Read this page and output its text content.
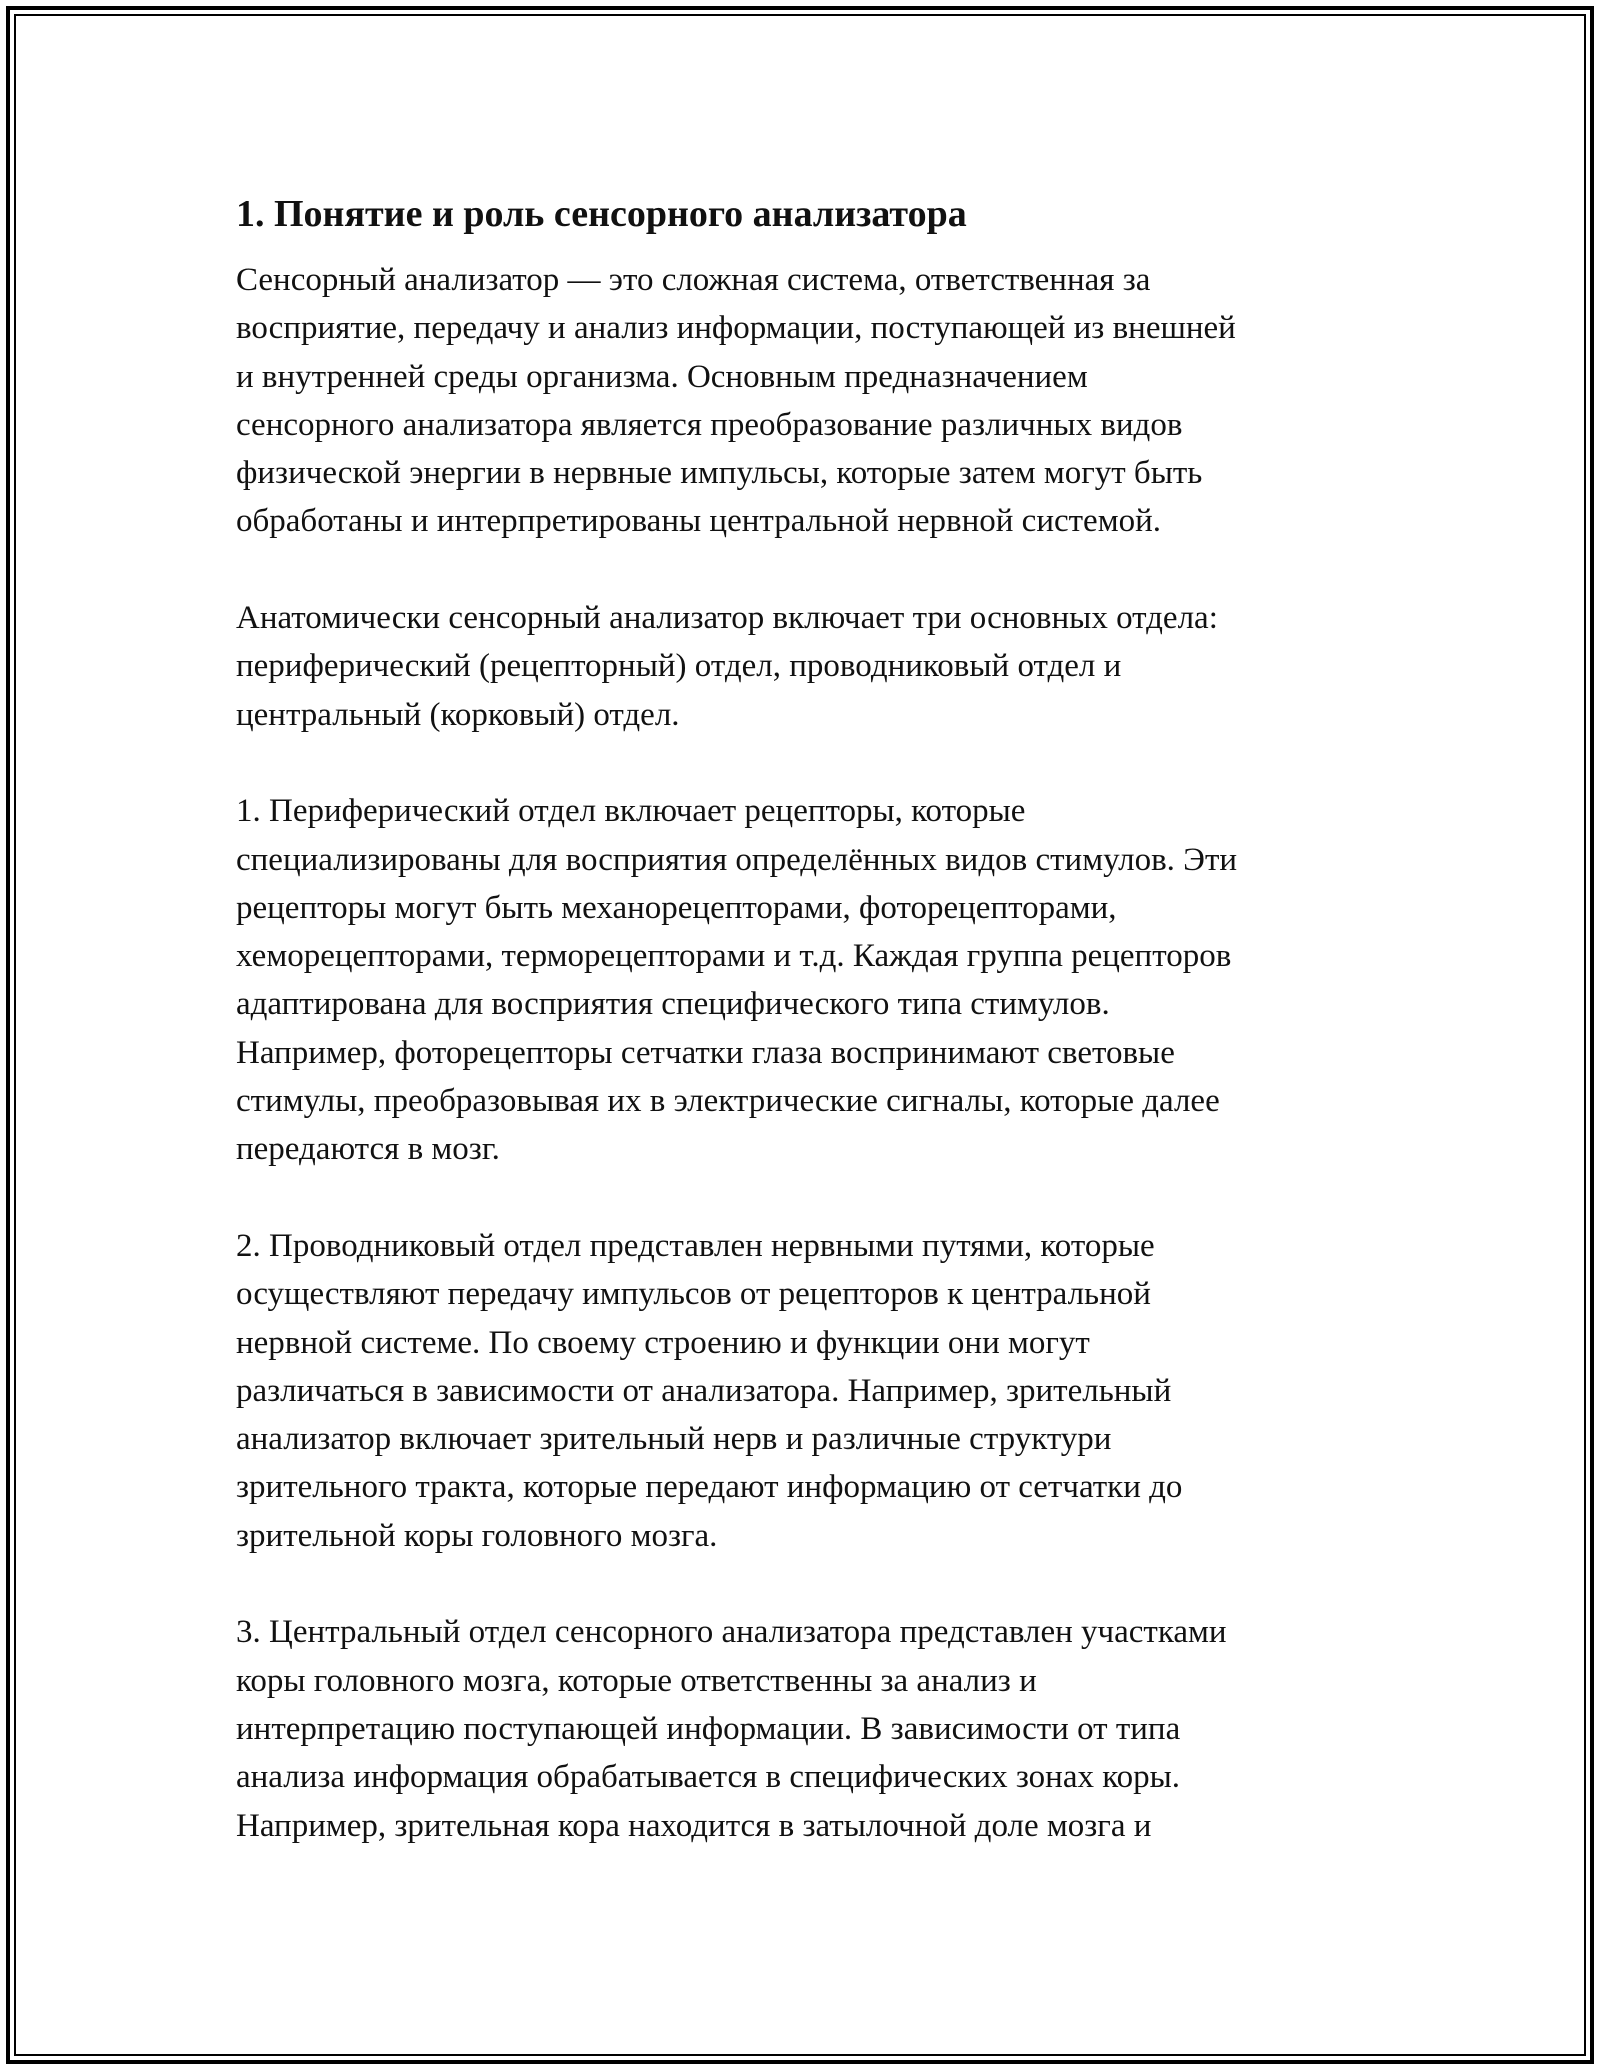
1. Понятие и роль сенсорного анализатора
Сенсорный анализатор — это сложная система, ответственная за
восприятие, передачу и анализ информации, поступающей из внешней
и внутренней среды организма. Основным предназначением
сенсорного анализатора является преобразование различных видов
физической энергии в нервные импульсы, которые затем могут быть
обработаны и интерпретированы центральной нервной системой.
Анатомически сенсорный анализатор включает три основных отдела:
периферический (рецепторный) отдел, проводниковый отдел и
центральный (корковый) отдел.
1. Периферический отдел включает рецепторы, которые
специализированы для восприятия определённых видов стимулов. Эти
рецепторы могут быть механорецепторами, фоторецепторами,
хеморецепторами, терморецепторами и т.д. Каждая группа рецепторов
адаптирована для восприятия специфического типа стимулов.
Например, фоторецепторы сетчатки глаза воспринимают световые
стимулы, преобразовывая их в электрические сигналы, которые далее
передаются в мозг.
2. Проводниковый отдел представлен нервными путями, которые
осуществляют передачу импульсов от рецепторов к центральной
нервной системе. По своему строению и функции они могут
различаться в зависимости от анализатора. Например, зрительный
анализатор включает зрительный нерв и различные структури
зрительного тракта, которые передают информацию от сетчатки до
зрительной коры головного мозга.
3. Центральный отдел сенсорного анализатора представлен участками
коры головного мозга, которые ответственны за анализ и
интерпретацию поступающей информации. В зависимости от типа
анализа информация обрабатывается в специфических зонах коры.
Например, зрительная кора находится в затылочной доле мозга и
